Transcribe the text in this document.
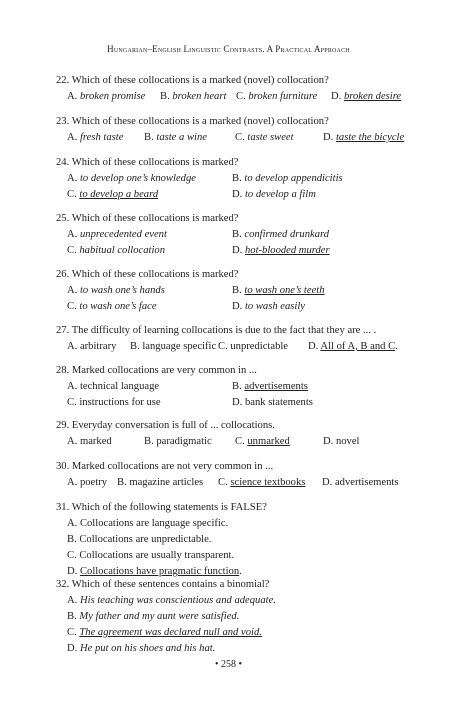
Hungarian–English Linguistic Contrasts. A Practical Approach
22. Which of these collocations is a marked (novel) collocation?
A. broken promise	B. broken heart C. broken furniture	D. broken desire
23. Which of these collocations is a marked (novel) collocation?
A. fresh taste	B. taste a wine	C. taste sweet	D. taste the bicycle
24. Which of these collocations is marked?
A. to develop one’s knowledge	B. to develop appendicitis
C. to develop a beard	D. to develop a film
25. Which of these collocations is marked?
A. unprecedented event	B. confirmed drunkard
C. habitual collocation	D. hot-blooded murder
26. Which of these collocations is marked?
A. to wash one’s hands	B. to wash one’s teeth
C. to wash one’s face	D. to wash easily
27. The difficulty of learning collocations is due to the fact that they are ... .
A. arbitrary	B. language specific C. unpredictable	D. All of A, B and C.
28. Marked collocations are very common in ...
A. technical language	B. advertisements
C. instructions for use	D. bank statements
29. Everyday conversation is full of ... collocations.
A. marked	B. paradigmatic	C. unmarked	D. novel
30. Marked collocations are not very common in ...
A. poetry B. magazine articles	C. science textbooks	D. advertisements
31. Which of the following statements is FALSE?
A. Collocations are language specific.
B. Collocations are unpredictable.
C. Collocations are usually transparent.
D. Collocations have pragmatic function.
32. Which of these sentences contains a binomial?
A. His teaching was conscientious and adequate.
B. My father and my aunt were satisfied.
C. The agreement was declared null and void.
D. He put on his shoes and his hat.
• 258 •
